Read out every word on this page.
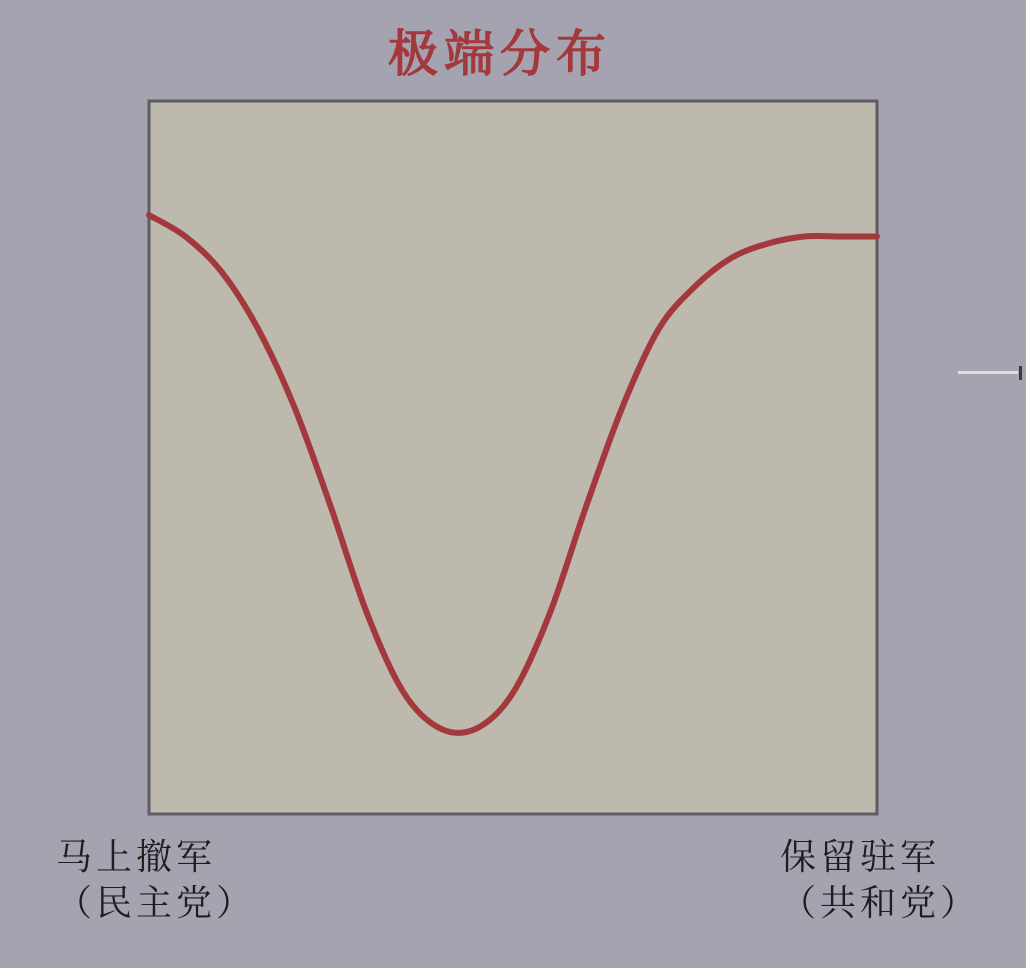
极端分布
马上撤军
（民主党）
保留驻军
（共和党）
